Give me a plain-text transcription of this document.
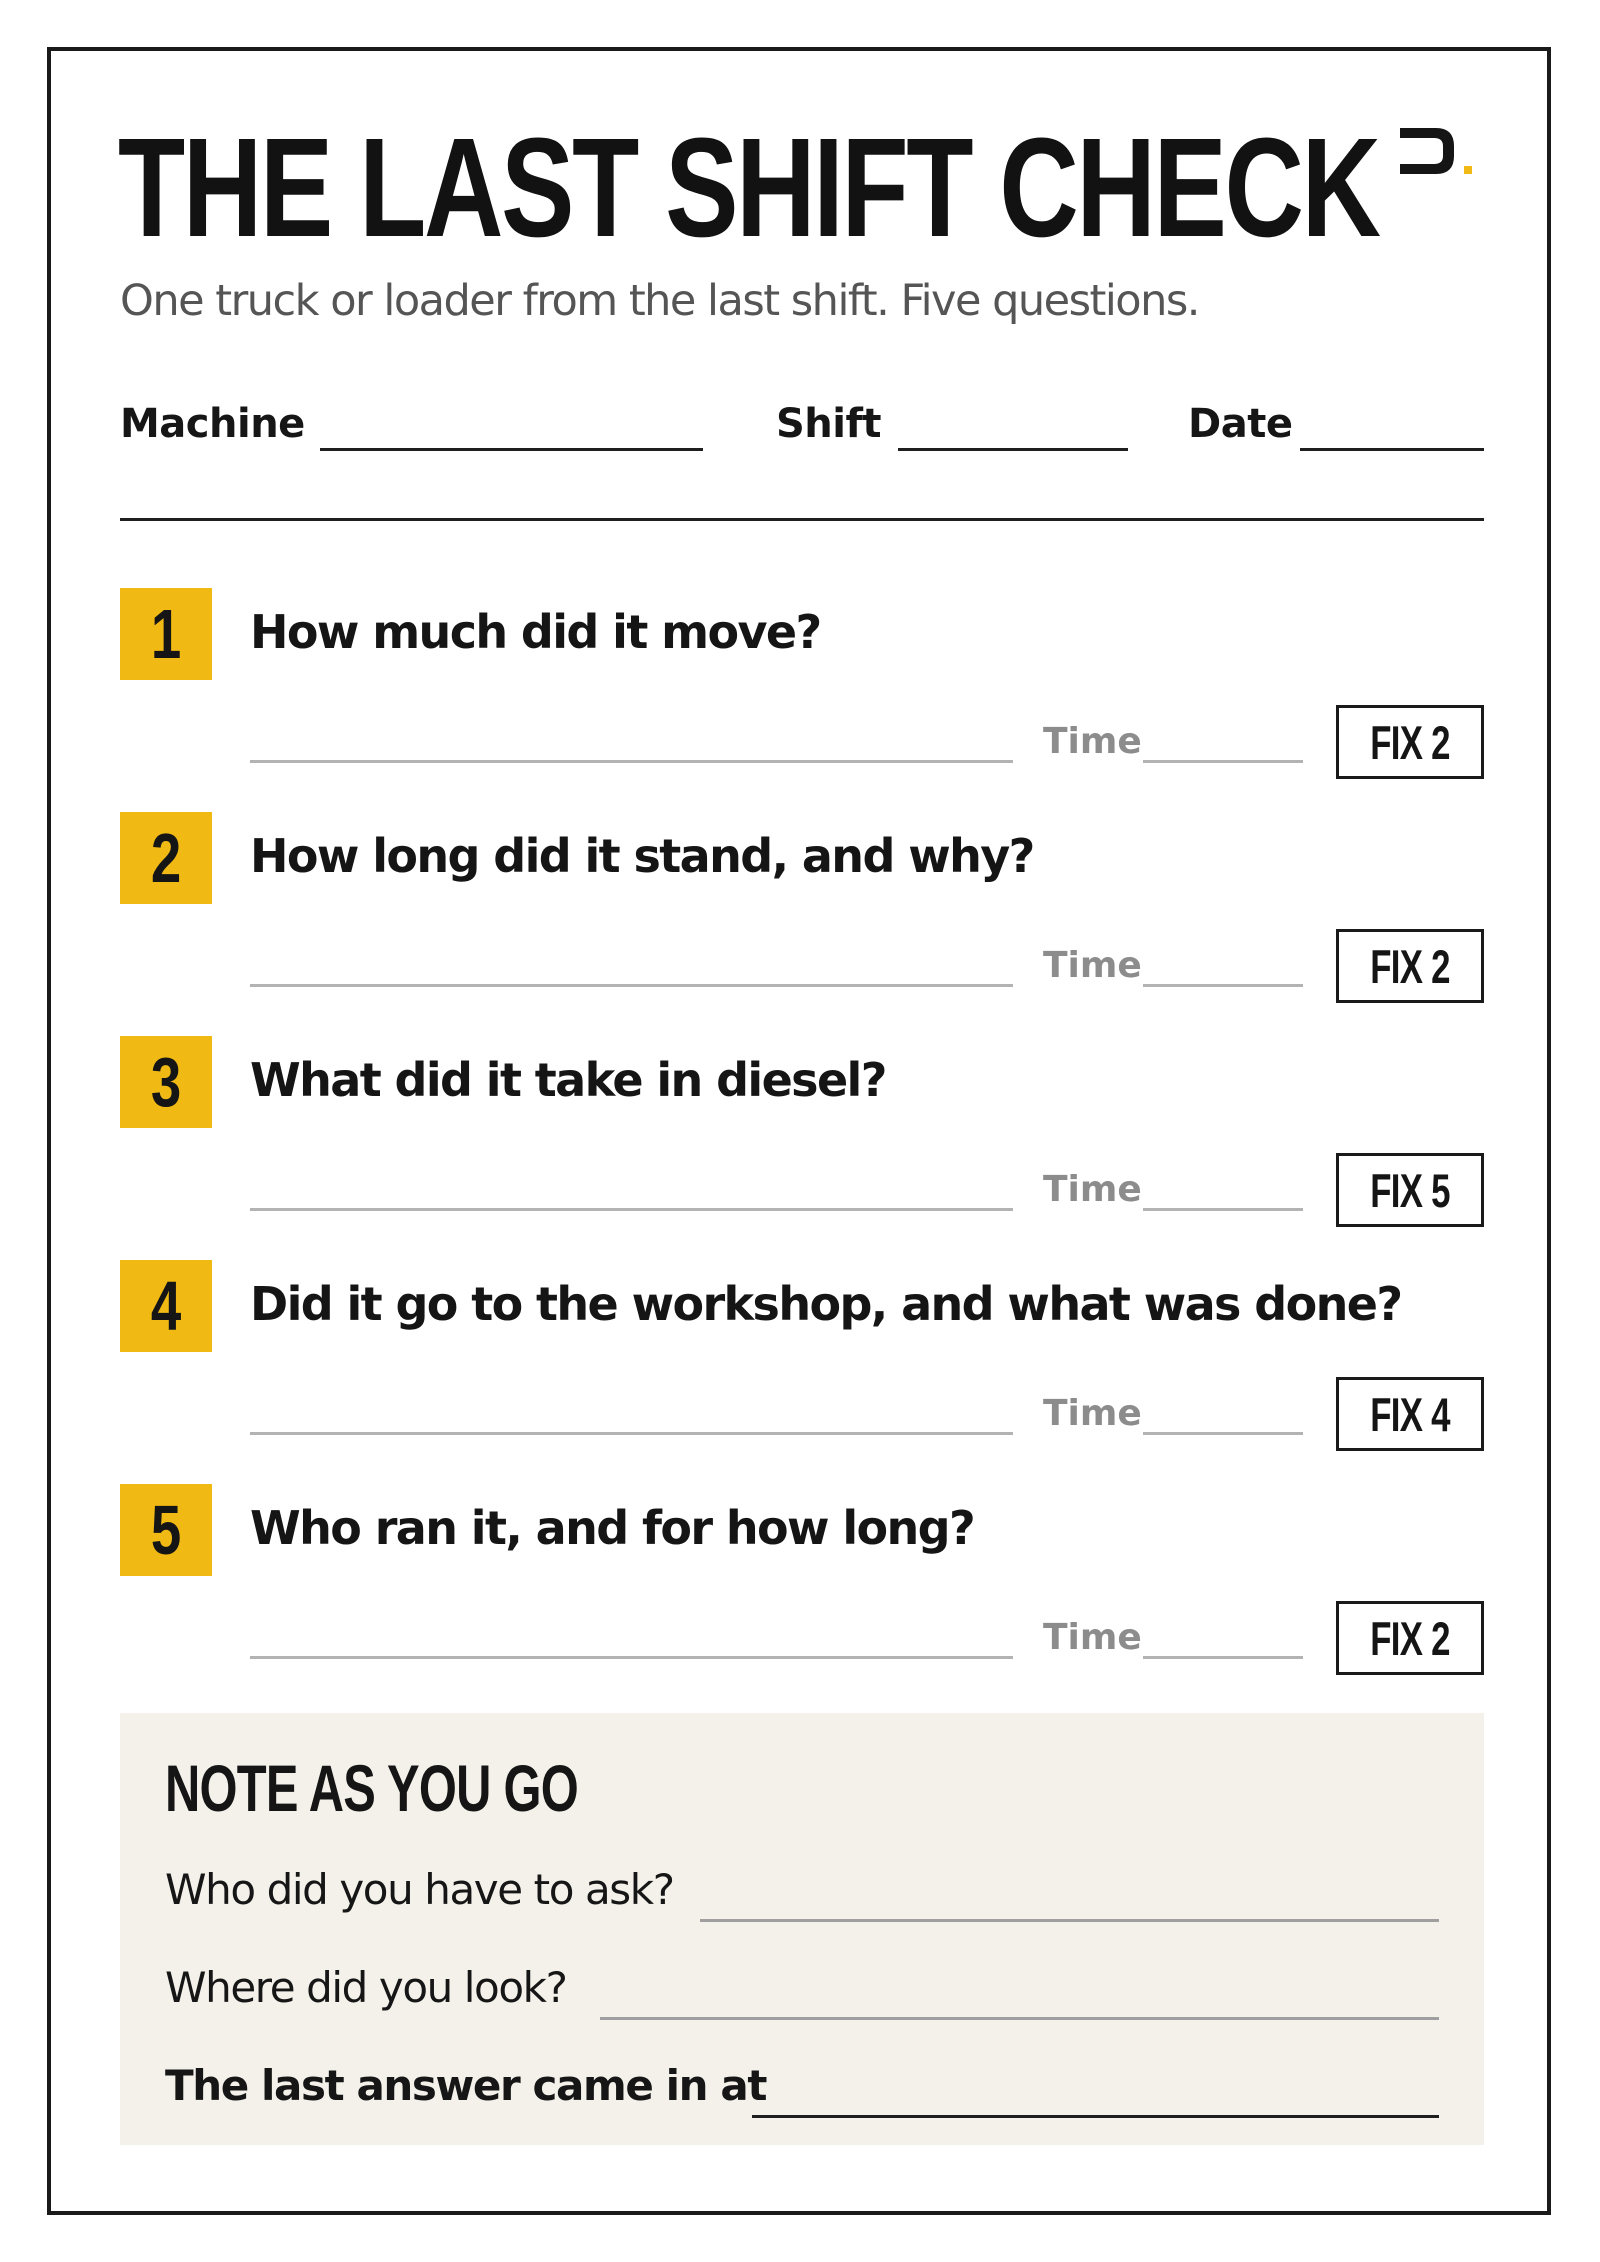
THE LAST SHIFT CHECK
One truck or loader from the last shift. Five questions.
Machine	Shift	Date
1	How much did it move?
Time	FIX 2
2	How long did it stand, and why?
Time	FIX 2
3	What did it take in diesel?
Time	FIX 5
4	Did it go to the workshop, and what was done?
Time	FIX 4
5	Who ran it, and for how long?
Time	FIX 2
NOTE AS YOU GO
Who did you have to ask?
Where did you look?
The last answer came in at
